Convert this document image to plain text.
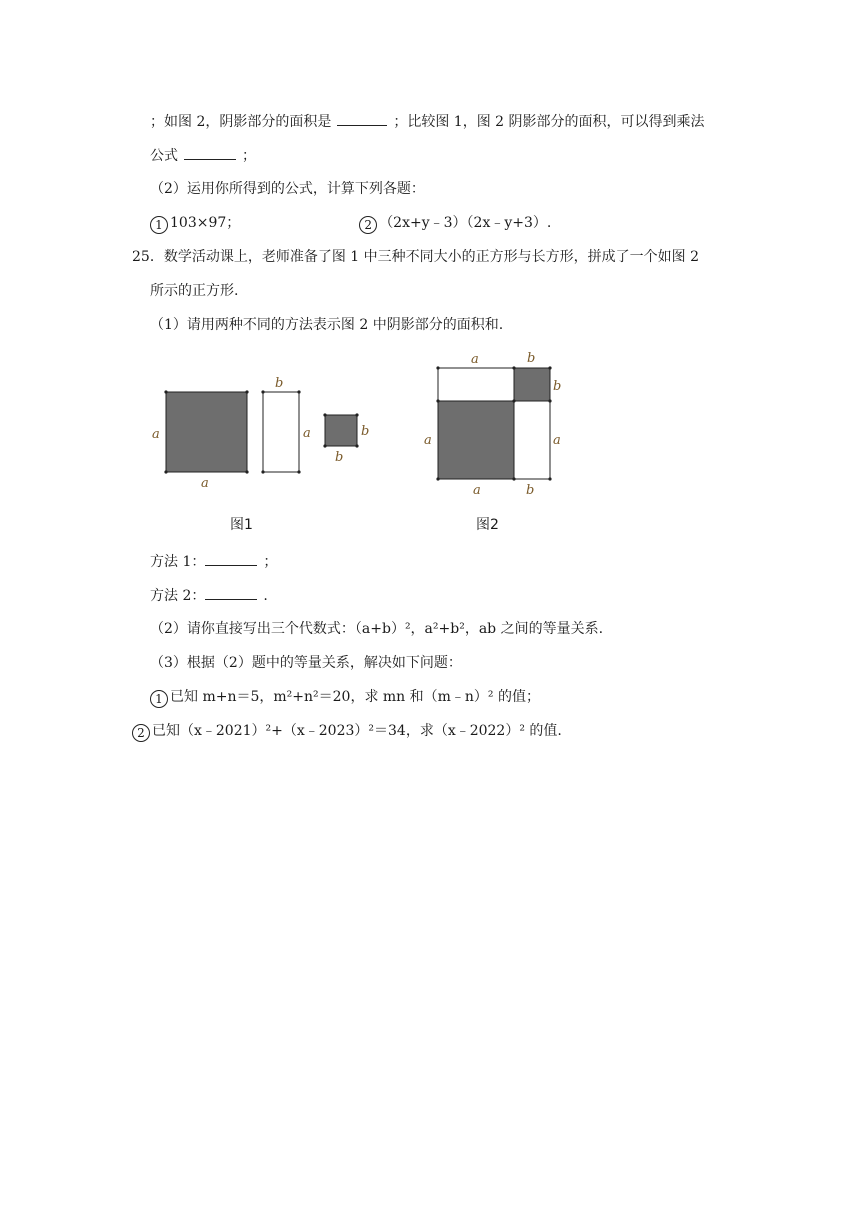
；如图 2，阴影部分的面积是	；比较图 1，图 2 阴影部分的面积，可以得到乘法
公式	；
（2）运用你所得到的公式，计算下列各题：
1 103×97；	2 （2x+y﹣3）（2x﹣y+3）.
25．数学活动课上，老师准备了图 1 中三种不同大小的正方形与长方形，拼成了一个如图 2
所示的正方形.
（1）请用两种不同的方法表示图 2 中阴影部分的面积和.
a
a
b
a	b
b
图1
a	b
b
a	a
a	b
图2
方法 1：	；
方法 2：	.
（2）请你直接写出三个代数式：（a+b）²，a²+b²，ab 之间的等量关系.
（3）根据（2）题中的等量关系，解决如下问题：
1 已知 m+n＝5，m²+n²＝20，求 mn 和（m﹣n）² 的值；
2 已知（x﹣2021）²+（x﹣2023）²＝34，求（x﹣2022）² 的值.
